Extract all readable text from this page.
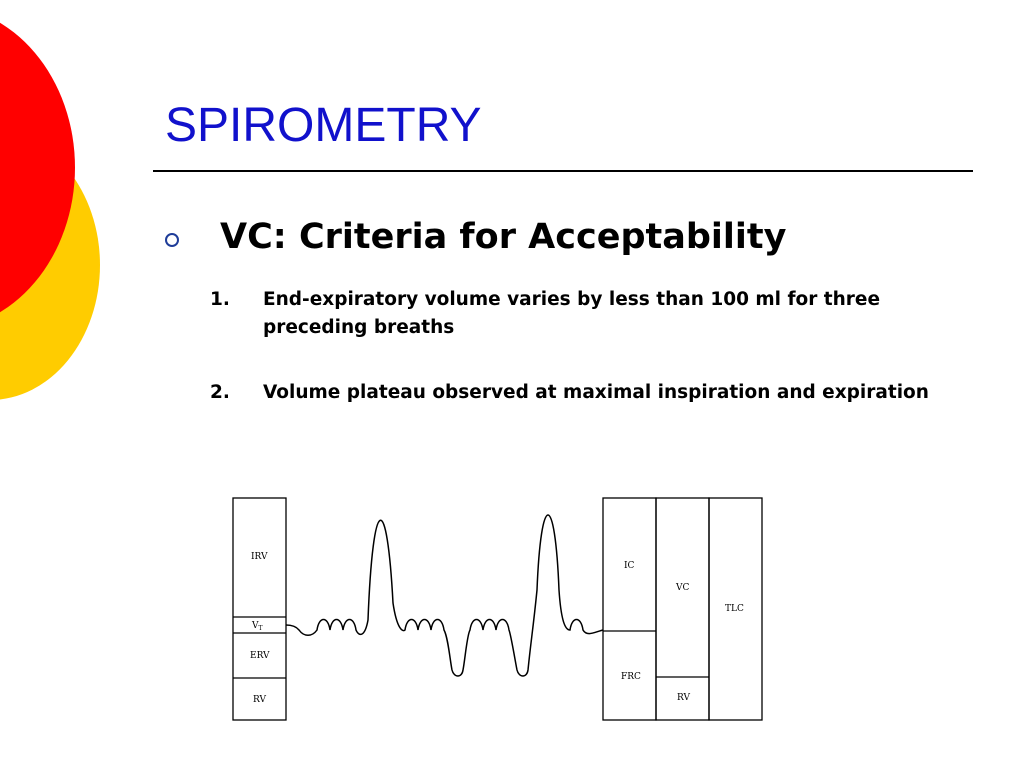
SPIROMETRY
VC: Criteria for Acceptability
1. End-expiratory volume varies by less than 100 ml for three preceding breaths
2. Volume plateau observed at maximal inspiration and expiration
IRV
$V_T$
ERV
RV
IC
FRC
VC
RV
TLC
